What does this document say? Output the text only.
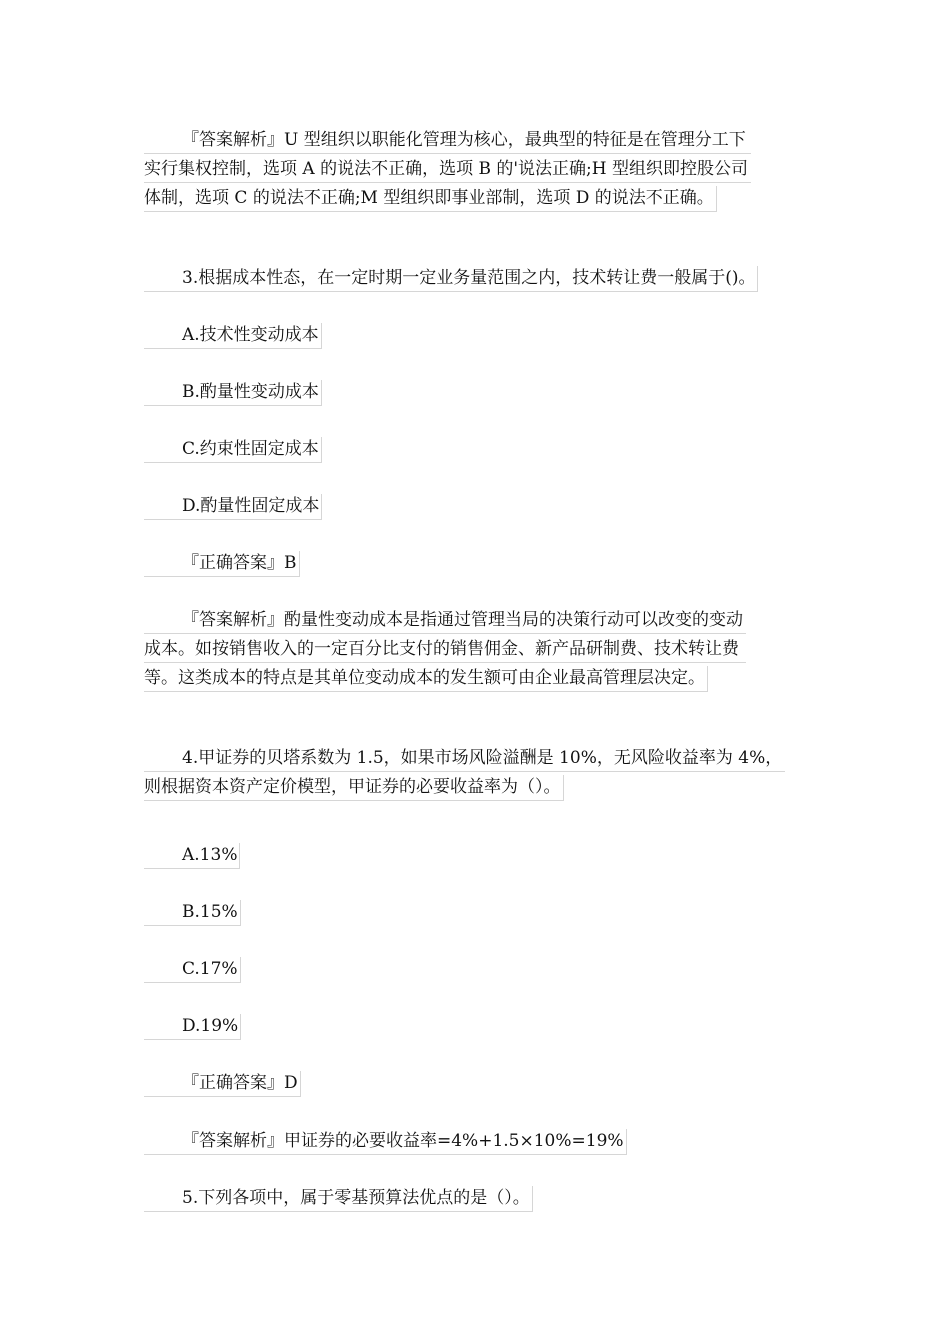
『答案解析』U 型组织以职能化管理为核心，最典型的特征是在管理分工下
实行集权控制，选项 A 的说法不正确，选项 B 的'说法正确;H 型组织即控股公司
体制，选项 C 的说法不正确;M 型组织即事业部制，选项 D 的说法不正确。
3.根据成本性态，在一定时期一定业务量范围之内，技术转让费一般属于()。
A.技术性变动成本
B.酌量性变动成本
C.约束性固定成本
D.酌量性固定成本
『正确答案』B
『答案解析』酌量性变动成本是指通过管理当局的决策行动可以改变的变动
成本。如按销售收入的一定百分比支付的销售佣金、新产品研制费、技术转让费
等。这类成本的特点是其单位变动成本的发生额可由企业最高管理层决定。
4.甲证券的贝塔系数为 1.5，如果市场风险溢酬是 10%，无风险收益率为 4%，
则根据资本资产定价模型，甲证券的必要收益率为（）。
A.13%
B.15%
C.17%
D.19%
『正确答案』D
『答案解析』甲证券的必要收益率=4%+1.5×10%=19%
5.下列各项中，属于零基预算法优点的是（）。
